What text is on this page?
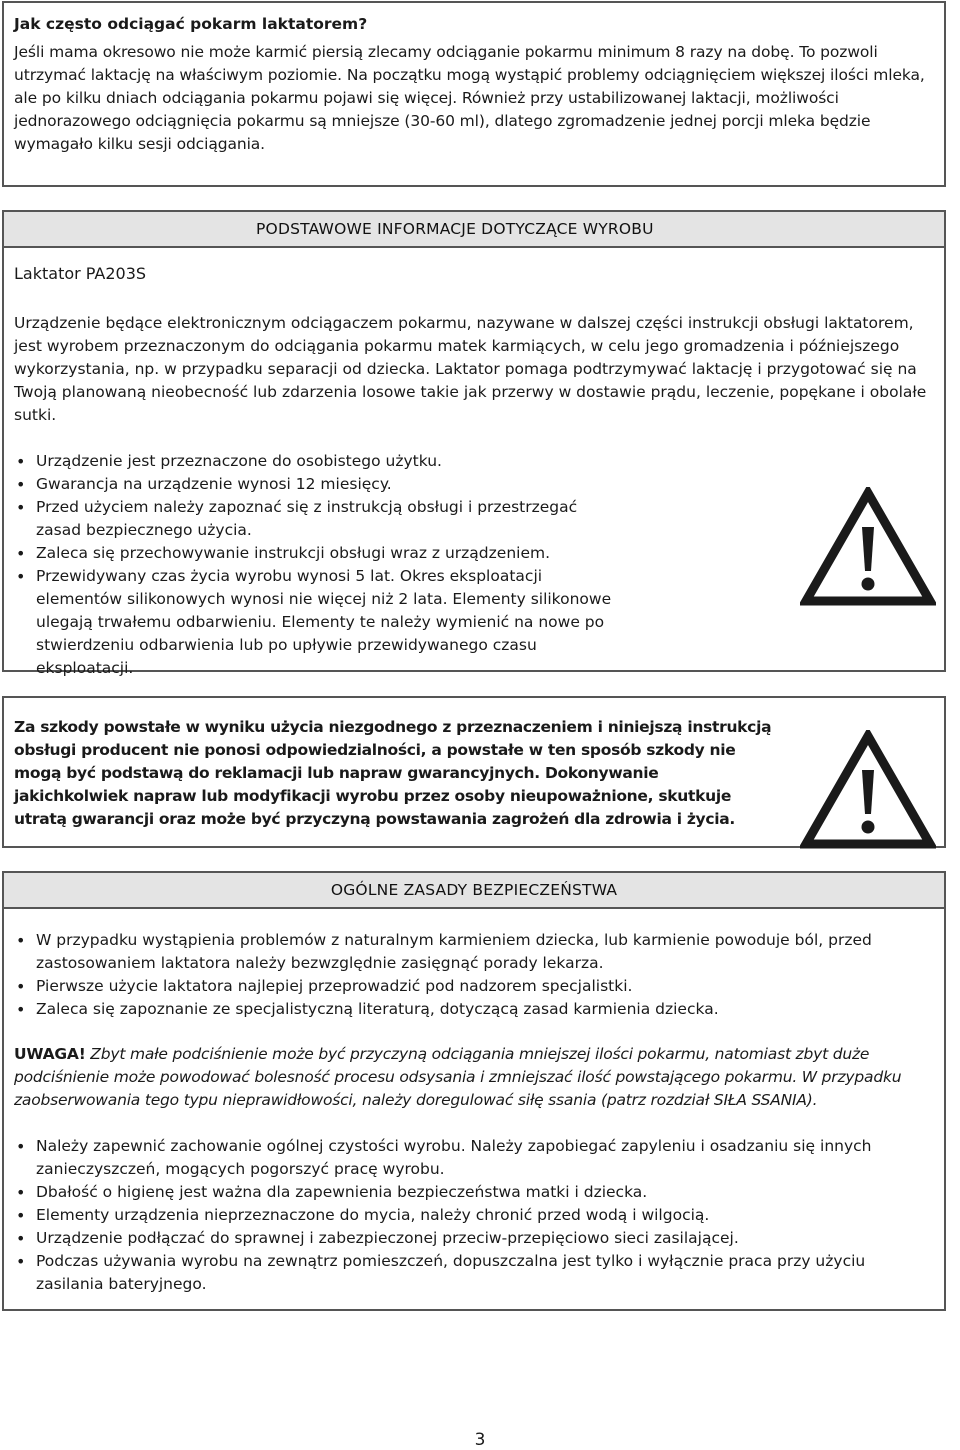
Jak często odciągać pokarm laktatorem?

Jeśli mama okresowo nie może karmić piersią zlecamy odciąganie pokarmu minimum 8 razy na dobę. To pozwoli utrzymać laktację na właściwym poziomie. Na początku mogą wystąpić problemy odciągnięciem większej ilości mleka, ale po kilku dniach odciągania pokarmu pojawi się więcej. Również przy ustabilizowanej laktacji, możliwości jednorazowego odciągnięcia pokarmu są mniejsze (30-60 ml), dlatego zgromadzenie jednej porcji mleka będzie wymagało kilku sesji odciągania.

PODSTAWOWE INFORMACJE DOTYCZĄCE WYROBU
Laktator PA203S

Urządzenie będące elektronicznym odciągaczem pokarmu, nazywane w dalszej części instrukcji obsługi laktatorem, jest wyrobem przeznaczonym do odciągania pokarmu matek karmiących, w celu jego gromadzenia i późniejszego wykorzystania, np. w przypadku separacji od dziecka. Laktator pomaga podtrzymywać laktację i przygotować się na Twoją planowaną nieobecność lub zdarzenia losowe takie jak przerwy w dostawie prądu, leczenie, popękane i obolałe sutki.

• Urządzenie jest przeznaczone do osobistego użytku.
• Gwarancja na urządzenie wynosi 12 miesięcy.
• Przed użyciem należy zapoznać się z instrukcją obsługi i przestrzegać zasad bezpiecznego użycia.
• Zaleca się przechowywanie instrukcji obsługi wraz z urządzeniem.
• Przewidywany czas życia wyrobu wynosi 5 lat. Okres eksploatacji elementów silikonowych wynosi nie więcej niż 2 lata. Elementy silikonowe ulegają trwałemu odbarwieniu. Elementy te należy wymienić na nowe po stwierdzeniu odbarwienia lub po upływie przewidywanego czasu eksploatacji.

Za szkody powstałe w wyniku użycia niezgodnego z przeznaczeniem i niniejszą instrukcją obsługi producent nie ponosi odpowiedzialności, a powstałe w ten sposób szkody nie mogą być podstawą do reklamacji lub napraw gwarancyjnych. Dokonywanie jakichkolwiek napraw lub modyfikacji wyrobu przez osoby nieupoważnione, skutkuje utratą gwarancji oraz może być przyczyną powstawania zagrożeń dla zdrowia i życia.

OGÓLNE ZASADY BEZPIECZEŃSTWA
• W przypadku wystąpienia problemów z naturalnym karmieniem dziecka, lub karmienie powoduje ból, przed zastosowaniem laktatora należy bezwzględnie zasięgnąć porady lekarza.
• Pierwsze użycie laktatora najlepiej przeprowadzić pod nadzorem specjalistki.
• Zaleca się zapoznanie ze specjalistyczną literaturą, dotyczącą zasad karmienia dziecka.

UWAGA! Zbyt małe podciśnienie może być przyczyną odciągania mniejszej ilości pokarmu, natomiast zbyt duże podciśnienie może powodować bolesność procesu odsysania i zmniejszać ilość powstającego pokarmu. W przypadku zaobserwowania tego typu nieprawidłowości, należy doregulować siłę ssania (patrz rozdział SIŁA SSANIA).

• Należy zapewnić zachowanie ogólnej czystości wyrobu. Należy zapobiegać zapyleniu i osadzaniu się innych zanieczyszczeń, mogących pogorszyć pracę wyrobu.
• Dbałość o higienę jest ważna dla zapewnienia bezpieczeństwa matki i dziecka.
• Elementy urządzenia nieprzeznaczone do mycia, należy chronić przed wodą i wilgocią.
• Urządzenie podłączać do sprawnej i zabezpieczonej przeciw-przepięciowo sieci zasilającej.
• Podczas używania wyrobu na zewnątrz pomieszczeń, dopuszczalna jest tylko i wyłącznie praca przy użyciu zasilania bateryjnego.
3
